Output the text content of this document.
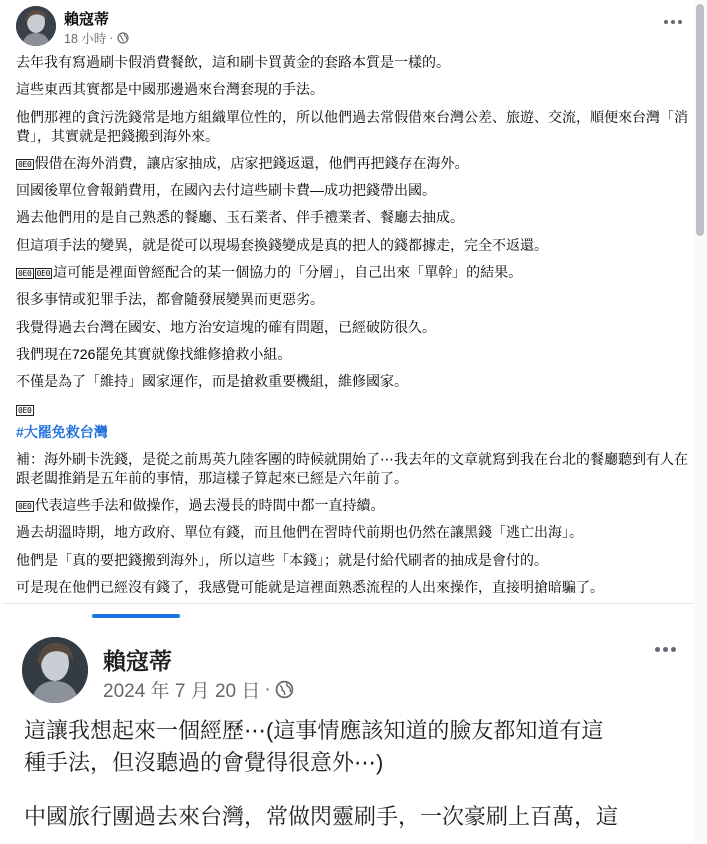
賴寇蒂
18 小時 ·

去年我有寫過刷卡假消費餐飲，這和刷卡買黃金的套路本質是一樣的。

這些東西其實都是中國那邊過來台灣套現的手法。

他們那裡的貪污洗錢常是地方組織單位性的，所以他們過去常假借來台灣公差、旅遊、交流，順便來台灣「消費」，其實就是把錢搬到海外來。

0E0 假借在海外消費，讓店家抽成，店家把錢返還，他們再把錢存在海外。

回國後單位會報銷費用，在國內去付這些刷卡費—成功把錢帶出國。

過去他們用的是自己熟悉的餐廳、玉石業者、伴手禮業者、餐廳去抽成。

但這項手法的變異，就是從可以現場套換錢變成是真的把人的錢都據走，完全不返還。

0E0 0E0 這可能是裡面曾經配合的某一個協力的「分層」，自己出來「單幹」的結果。

很多事情或犯罪手法，都會隨發展變異而更惡劣。

我覺得過去台灣在國安、地方治安這塊的確有問題，已經破防很久。

我們現在726罷免其實就像找維修搶救小組。

不僅是為了「維持」國家運作，而是搶救重要機組，維修國家。

0E0

#大罷免救台灣

補：海外刷卡洗錢，是從之前馬英九陸客團的時候就開始了⋯我去年的文章就寫到我在台北的餐廳聽到有人在跟老闆推銷是五年前的事情，那這樣子算起來已經是六年前了。

0E0 代表這些手法和做操作，過去漫長的時間中都一直持續。

過去胡溫時期，地方政府、單位有錢，而且他們在習時代前期也仍然在讓黑錢「逃亡出海」。

他們是「真的要把錢搬到海外」，所以這些「本錢」；就是付給代刷者的抽成是會付的。

可是現在他們已經沒有錢了，我感覺可能就是這裡面熟悉流程的人出來操作，直接明搶暗騙了。

賴寇蒂
2024 年 7 月 20 日 ·
這讓我想起來一個經歷⋯(這事情應該知道的臉友都知道有這
種手法，但沒聽過的會覺得很意外⋯)
中國旅行團過去來台灣，常做閃靈刷手，一次豪刷上百萬，這
